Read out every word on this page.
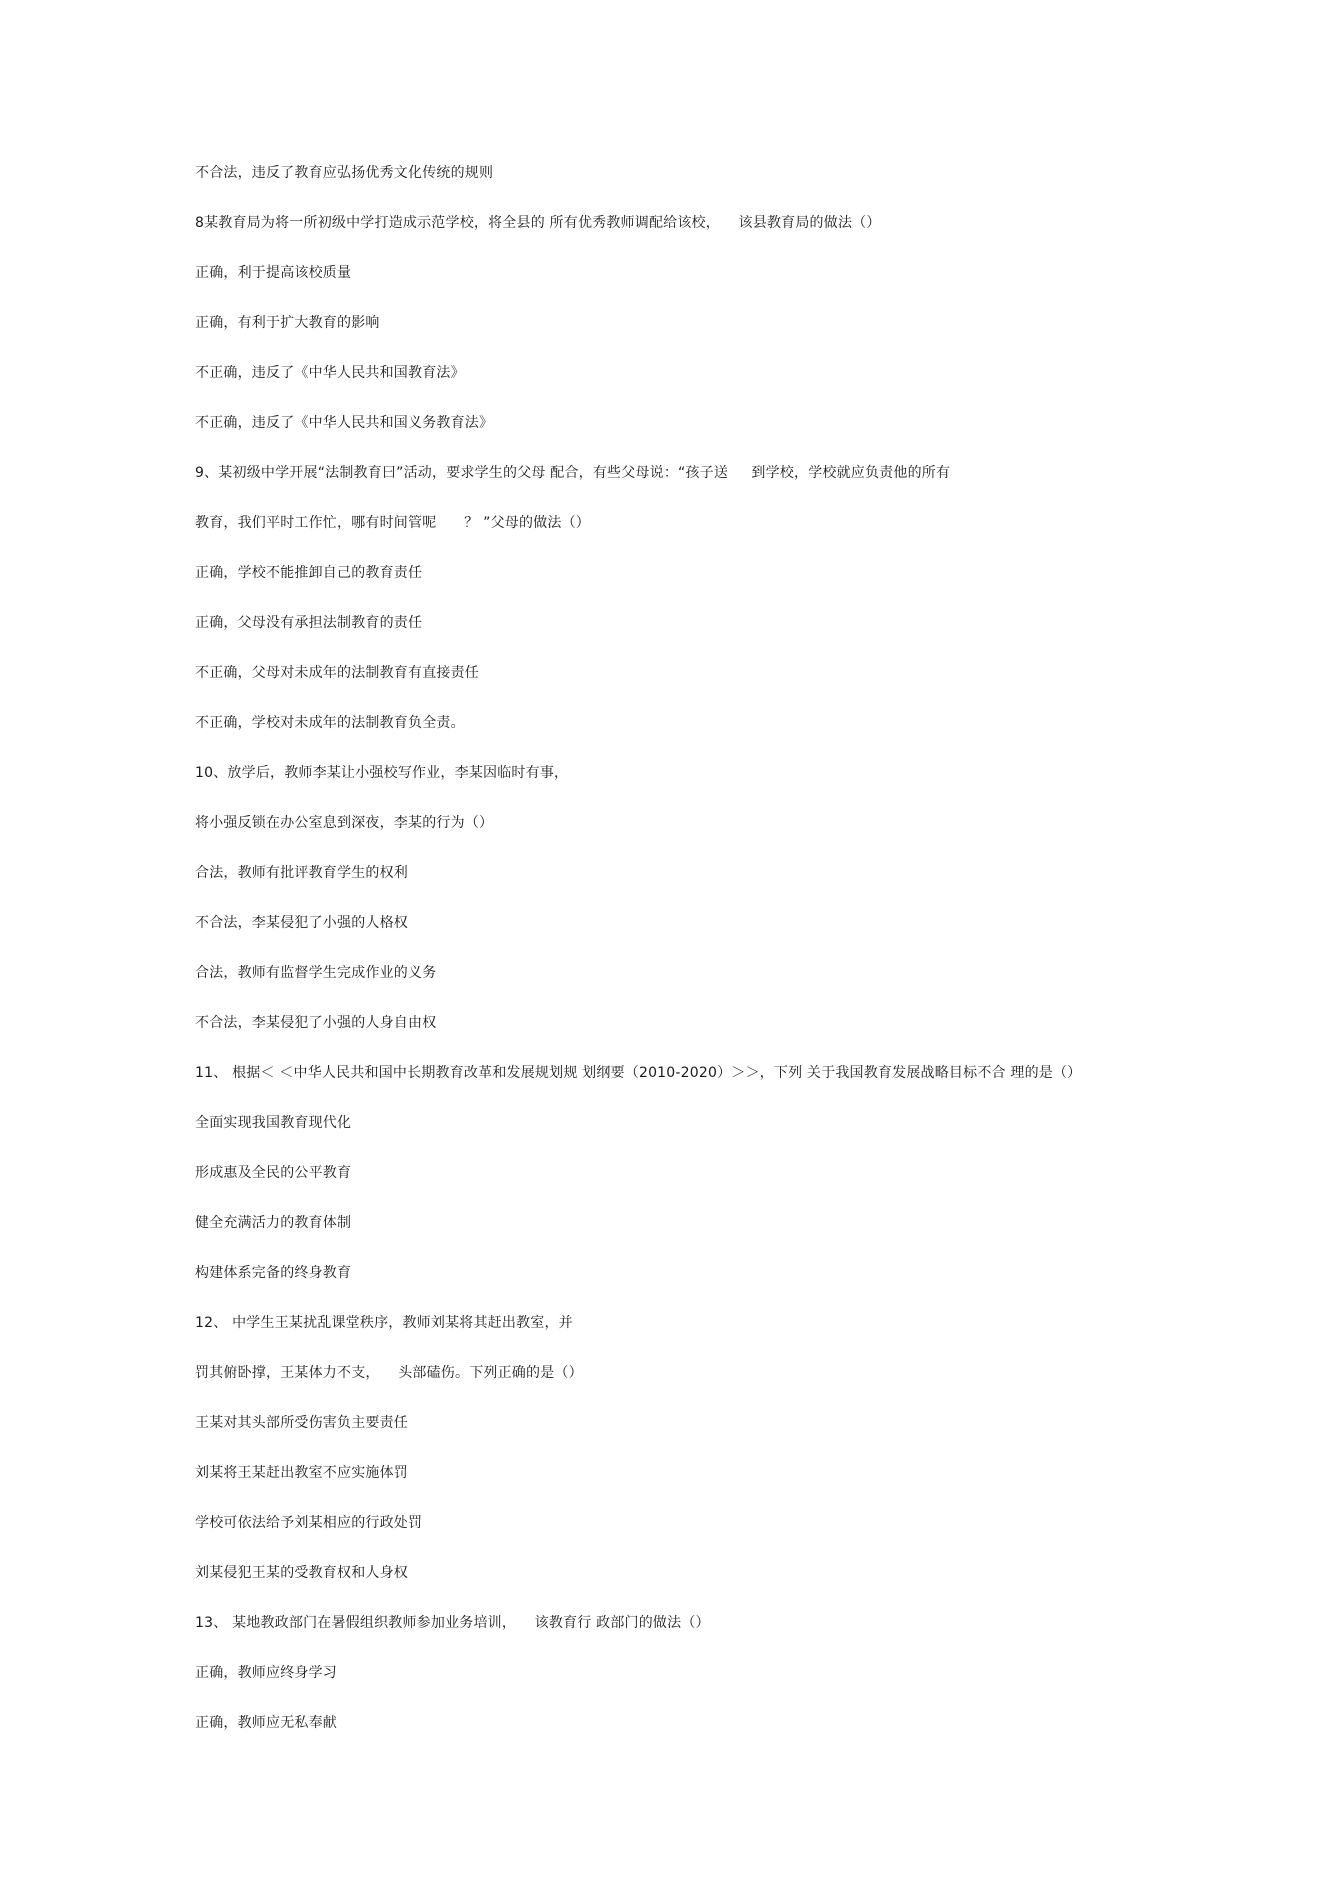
不合法，违反了教育应弘扬优秀文化传统的规则
8某教育局为将一所初级中学打造成示范学校，将全县的 所有优秀教师调配给该校，    该县教育局的做法（）
正确，利于提高该校质量
正确，有利于扩大教育的影响
不正确，违反了《中华人民共和国教育法》
不正确，违反了《中华人民共和国义务教育法》
9、某初级中学开展“法制教育曰”活动，要求学生的父母 配合，有些父母说：“孩子送     到学校，学校就应负责他的所有
教育，我们平时工作忙，哪有时间管呢      ？ ”父母的做法（）
正确，学校不能推卸自己的教育责任
正确，父母没有承担法制教育的责任
不正确，父母对未成年的法制教育有直接责任
不正确，学校对未成年的法制教育负全责。
10、放学后，教师李某让小强校写作业，李某因临时有事，
将小强反锁在办公室息到深夜，李某的行为（）
合法，教师有批评教育学生的权利
不合法，李某侵犯了小强的人格权
合法，教师有监督学生完成作业的义务
不合法，李某侵犯了小强的人身自由权
11、 根据＜ ＜中华人民共和国中长期教育改革和发展规划规 划纲要（2010-2020）＞＞，下列 关于我国教育发展战略目标不合 理的是（）
全面实现我国教育现代化
形成惠及全民的公平教育
健全充满活力的教育体制
构建体系完备的终身教育
12、 中学生王某扰乱课堂秩序，教师刘某将其赶出教室，并
罚其俯卧撑，王某体力不支，    头部磕伤。下列正确的是（）
王某对其头部所受伤害负主要责任
刘某将王某赶出教室不应实施体罚
学校可依法给予刘某相应的行政处罚
刘某侵犯王某的受教育权和人身权
13、 某地教政部门在暑假组织教师参加业务培训，    该教育行 政部门的做法（）
正确，教师应终身学习
正确，教师应无私奉献
